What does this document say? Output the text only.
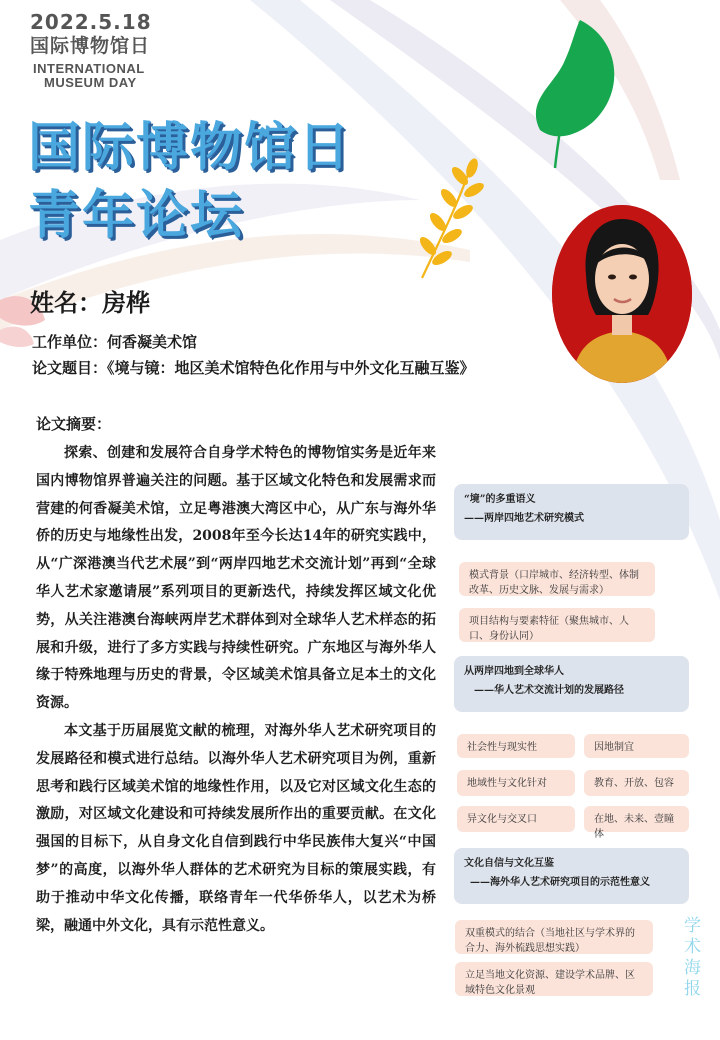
2022.5.18
国际博物馆日
INTERNATIONAL
MUSEUM DAY
国际博物馆日
青年论坛
姓名：房桦
工作单位：何香凝美术馆
论文题目：《境与镜：地区美术馆特色化作用与中外文化互融互鉴》
论文摘要：

探索、创建和发展符合自身学术特色的博物馆实务是近年来国内博物馆界普遍关注的问题。基于区域文化特色和发展需求而营建的何香凝美术馆，立足粤港澳大湾区中心，从广东与海外华侨的历史与地缘性出发，2008年至今长达14年的研究实践中，从“广深港澳当代艺术展”到“两岸四地艺术交流计划”再到“全球华人艺术家邀请展”系列项目的更新迭代，持续发挥区域文化优势，从关注港澳台海峡两岸艺术群体到对全球华人艺术样态的拓展和升级，进行了多方实践与持续性研究。广东地区与海外华人缘于特殊地理与历史的背景，令区域美术馆具备立足本土的文化资源。

本文基于历届展览文献的梳理，对海外华人艺术研究项目的发展路径和模式进行总结。以海外华人艺术研究项目为例，重新思考和践行区域美术馆的地缘性作用，以及它对区域文化生态的激励，对区域文化建设和可持续发展所作出的重要贡献。在文化强国的目标下，从自身文化自信到践行中华民族伟大复兴“中国梦”的高度，以海外华人群体的艺术研究为目标的策展实践，有助于推动中华文化传播，联络青年一代华侨华人，以艺术为桥梁，融通中外文化，具有示范性意义。

“境”的多重语义
——两岸四地艺术研究模式
模式背景（口岸城市、经济转型、体制改革、历史文脉、发展与需求）
项目结构与要素特征（聚焦城市、人口、身份认同）
从两岸四地到全球华人
——华人艺术交流计划的发展路径
社会性与现实性	因地制宜
地域性与文化针对	教育、开放、包容
异文化与交叉口	在地、未来、壹瞳体
文化自信与文化互鉴
——海外华人艺术研究项目的示范性意义
双重模式的结合（当地社区与学术界的合力、海外梳践思想实践）
立足当地文化资源、建设学术品牌、区域特色文化景观
学术海报
